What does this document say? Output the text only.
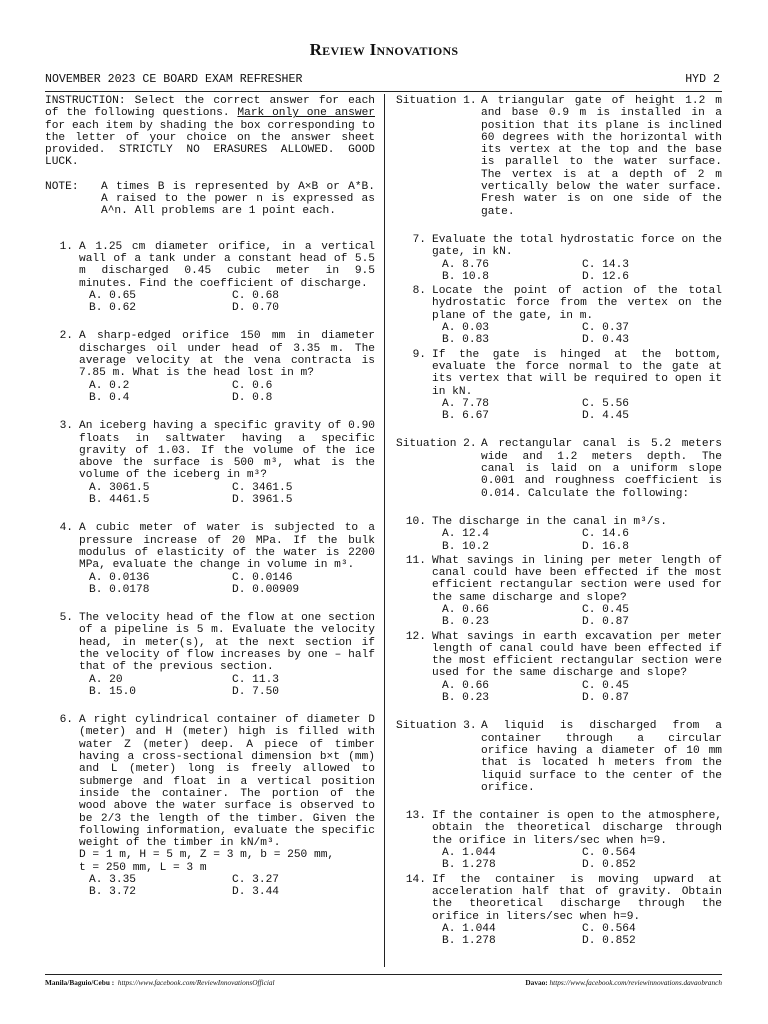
Review Innovations
NOVEMBER 2023 CE BOARD EXAM REFRESHER	HYD 2

INSTRUCTION: Select the correct answer for each of the following questions. Mark only one answer for each item by shading the box corresponding to the letter of your choice on the answer sheet provided. STRICTLY NO ERASURES ALLOWED. GOOD LUCK.

NOTE:	A times B is represented by A×B or A*B. A raised to the power n is expressed as A^n. All problems are 1 point each.
1. A 1.25 cm diameter orifice, in a vertical wall of a tank under a constant head of 5.5 m discharged 0.45 cubic meter in 9.5 minutes. Find the coefficient of discharge.
A. 0.65	C. 0.68
B. 0.62	D. 0.70
2. A sharp-edged orifice 150 mm in diameter discharges oil under head of 3.35 m. The average velocity at the vena contracta is 7.85 m. What is the head lost in m?
A. 0.2	C. 0.6
B. 0.4	D. 0.8
3. An iceberg having a specific gravity of 0.90 floats in saltwater having a specific gravity of 1.03. If the volume of the ice above the surface is 500 m³, what is the volume of the iceberg in m³?
A. 3061.5	C. 3461.5
B. 4461.5	D. 3961.5
4. A cubic meter of water is subjected to a pressure increase of 20 MPa. If the bulk modulus of elasticity of the water is 2200 MPa, evaluate the change in volume in m³.
A. 0.0136	C. 0.0146
B. 0.0178	D. 0.00909
5. The velocity head of the flow at one section of a pipeline is 5 m. Evaluate the velocity head, in meter(s), at the next section if the velocity of flow increases by one – half that of the previous section.
A. 20	C. 11.3
B. 15.0	D. 7.50
6. A right cylindrical container of diameter D (meter) and H (meter) high is filled with water Z (meter) deep. A piece of timber having a cross-sectional dimension b×t (mm) and L (meter) long is freely allowed to submerge and float in a vertical position inside the container. The portion of the wood above the water surface is observed to be 2/3 the length of the timber. Given the following information, evaluate the specific weight of the timber in kN/m³.
D = 1 m, H = 5 m, Z = 3 m, b = 250 mm,
t = 250 mm, L = 3 m
A. 3.35	C. 3.27
B. 3.72	D. 3.44
Situation 1. A triangular gate of height 1.2 m and base 0.9 m is installed in a position that its plane is inclined 60 degrees with the horizontal with its vertex at the top and the base is parallel to the water surface. The vertex is at a depth of 2 m vertically below the water surface. Fresh water is on one side of the gate.
7. Evaluate the total hydrostatic force on the gate, in kN.
A. 8.76	C. 14.3
B. 10.8	D. 12.6
8. Locate the point of action of the total hydrostatic force from the vertex on the plane of the gate, in m.
A. 0.03	C. 0.37
B. 0.83	D. 0.43
9. If the gate is hinged at the bottom, evaluate the force normal to the gate at its vertex that will be required to open it in kN.
A. 7.78	C. 5.56
B. 6.67	D. 4.45
Situation 2. A rectangular canal is 5.2 meters wide and 1.2 meters depth. The canal is laid on a uniform slope 0.001 and roughness coefficient is 0.014. Calculate the following:
10. The discharge in the canal in m³/s.
A. 12.4	C. 14.6
B. 10.2	D. 16.8
11. What savings in lining per meter length of canal could have been effected if the most efficient rectangular section were used for the same discharge and slope?
A. 0.66	C. 0.45
B. 0.23	D. 0.87
12. What savings in earth excavation per meter length of canal could have been effected if the most efficient rectangular section were used for the same discharge and slope?
A. 0.66	C. 0.45
B. 0.23	D. 0.87
Situation 3. A liquid is discharged from a container through a circular orifice having a diameter of 10 mm that is located h meters from the liquid surface to the center of the orifice.
13. If the container is open to the atmosphere, obtain the theoretical discharge through the orifice in liters/sec when h=9.
A. 1.044	C. 0.564
B. 1.278	D. 0.852
14. If the container is moving upward at acceleration half that of gravity. Obtain the theoretical discharge through the orifice in liters/sec when h=9.
A. 1.044	C. 0.564
B. 1.278	D. 0.852
Manila/Baguio/Cebu : https://www.facebook.com/ReviewInnovationsOfficial	Davao: https://www.facebook.com/reviewinnovations.davaobranch
